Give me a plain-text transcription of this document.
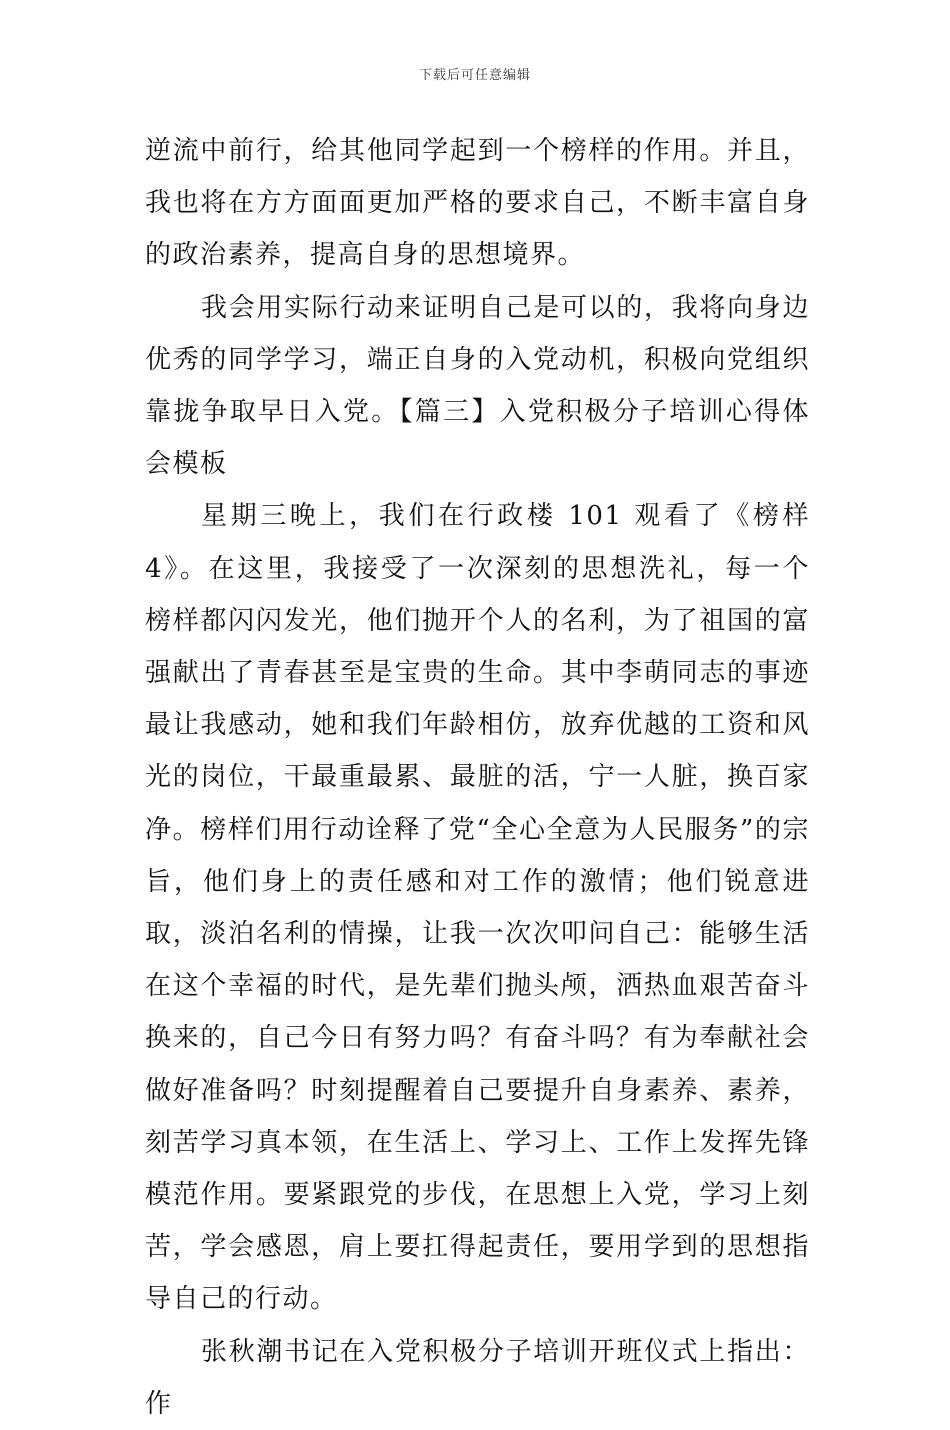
下载后可任意编辑

逆流中前行，给其他同学起到一个榜样的作用。并且，我也将在方方面面更加严格的要求自己，不断丰富自身的政治素养，提高自身的思想境界。

我会用实际行动来证明自己是可以的，我将向身边优秀的同学学习，端正自身的入党动机，积极向党组织靠拢争取早日入党。【篇三】入党积极分子培训心得体会模板

星期三晚上，我们在行政楼 101 观看了《榜样 4》。在这里，我接受了一次深刻的思想洗礼，每一个榜样都闪闪发光，他们抛开个人的名利，为了祖国的富强献出了青春甚至是宝贵的生命。其中李萌同志的事迹最让我感动，她和我们年龄相仿，放弃优越的工资和风光的岗位，干最重最累、最脏的活，宁一人脏，换百家净。榜样们用行动诠释了党“全心全意为人民服务”的宗旨，他们身上的责任感和对工作的激情；他们锐意进取，淡泊名利的情操，让我一次次叩问自己：能够生活在这个幸福的时代，是先辈们抛头颅，洒热血艰苦奋斗换来的，自己今日有努力吗？有奋斗吗？有为奉献社会做好准备吗？时刻提醒着自己要提升自身素养、素养，刻苦学习真本领，在生活上、学习上、工作上发挥先锋模范作用。要紧跟党的步伐，在思想上入党，学习上刻苦，学会感恩，肩上要扛得起责任，要用学到的思想指导自己的行动。

张秋潮书记在入党积极分子培训开班仪式上指出：作
